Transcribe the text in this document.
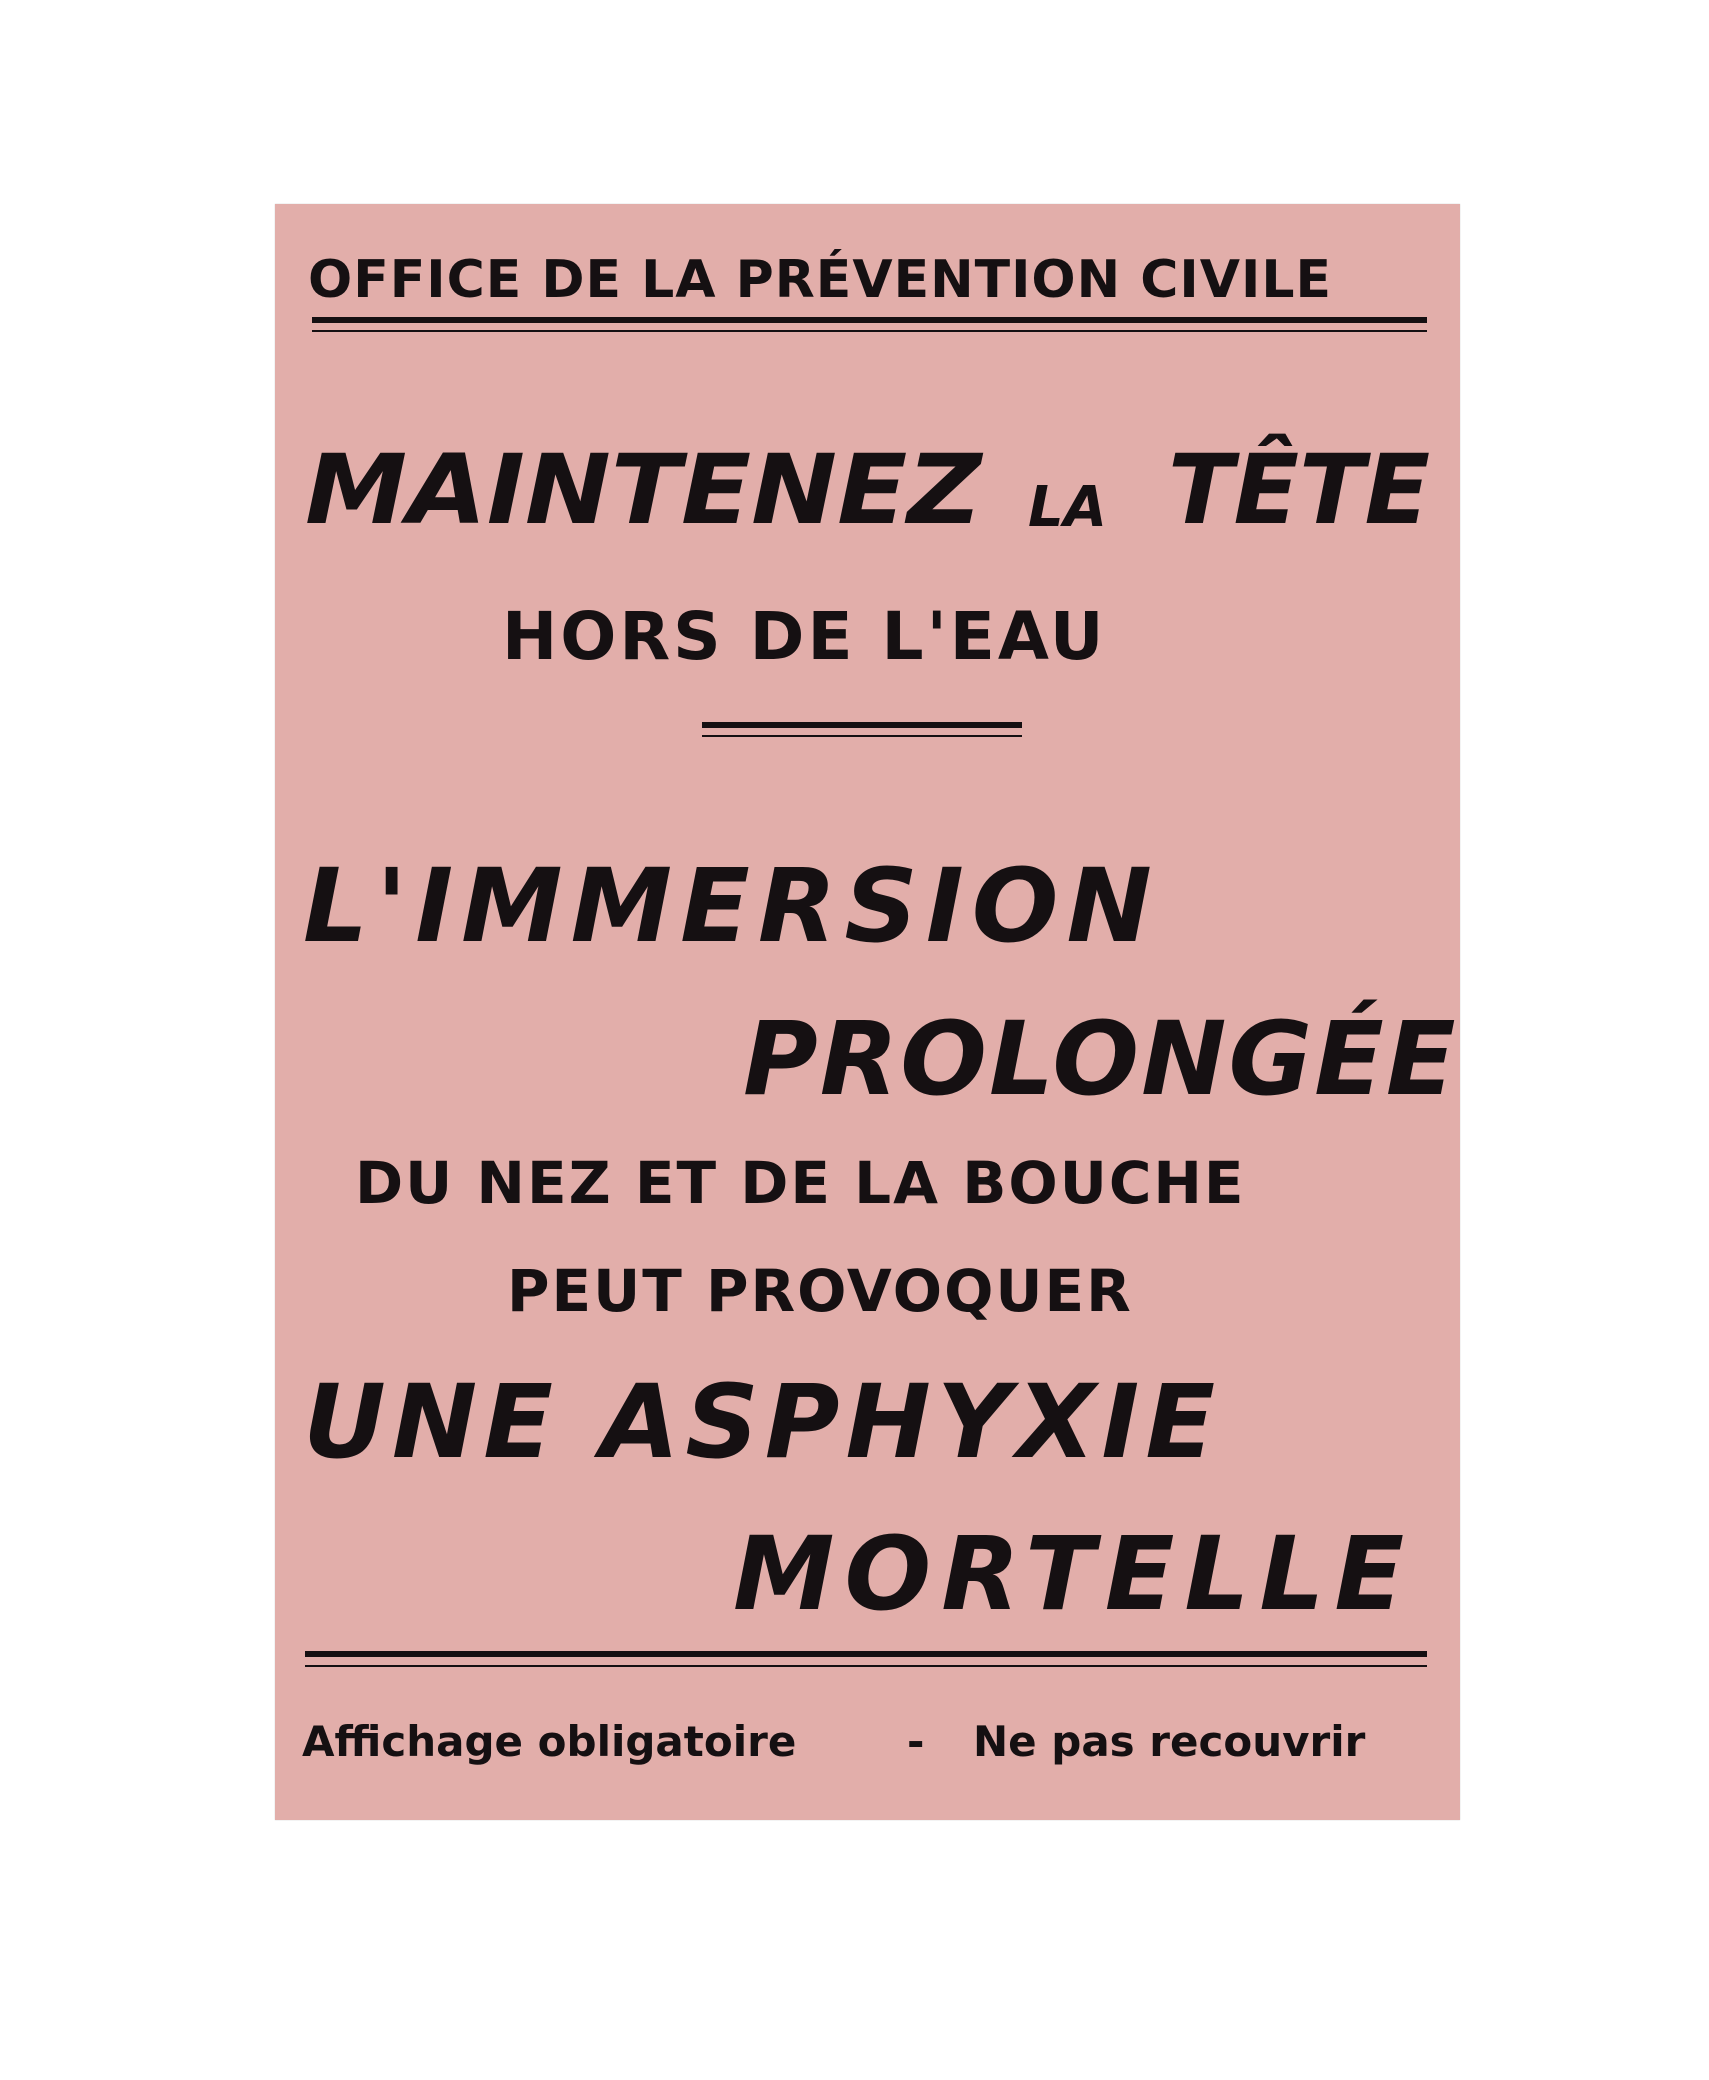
OFFICE DE LA PRÉVENTION CIVILE
MAINTENEZ LA TÊTE
HORS DE L'EAU
L'IMMERSION
PROLONGÉE
DU NEZ ET DE LA BOUCHE
PEUT PROVOQUER
UNE ASPHYXIE
MORTELLE
Affichage obligatoire	- Ne pas recouvrir
